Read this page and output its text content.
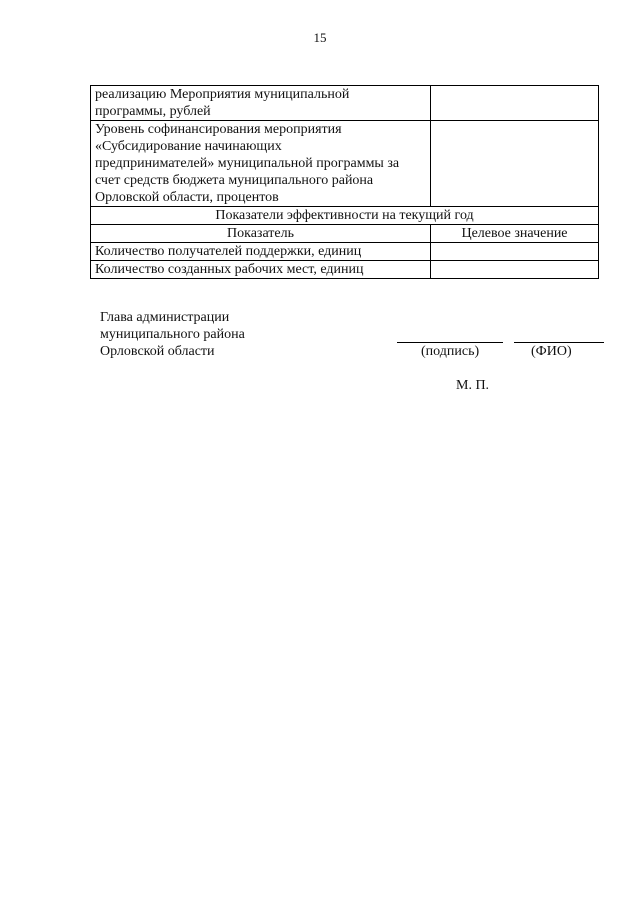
15
реализацию Мероприятия муниципальной
программы, рублей	

Уровень софинансирования мероприятия
«Субсидирование начинающих
предпринимателей» муниципальной программы за
счет средств бюджета муниципального района
Орловской области, процентов	

Показатели эффективности на текущий год	
Показатель	Целевое значение
Количество получателей поддержки, единиц	
Количество созданных рабочих мест, единиц	
Глава администрации
муниципального района
Орловской области	(подпись)	(ФИО)
М. П.
